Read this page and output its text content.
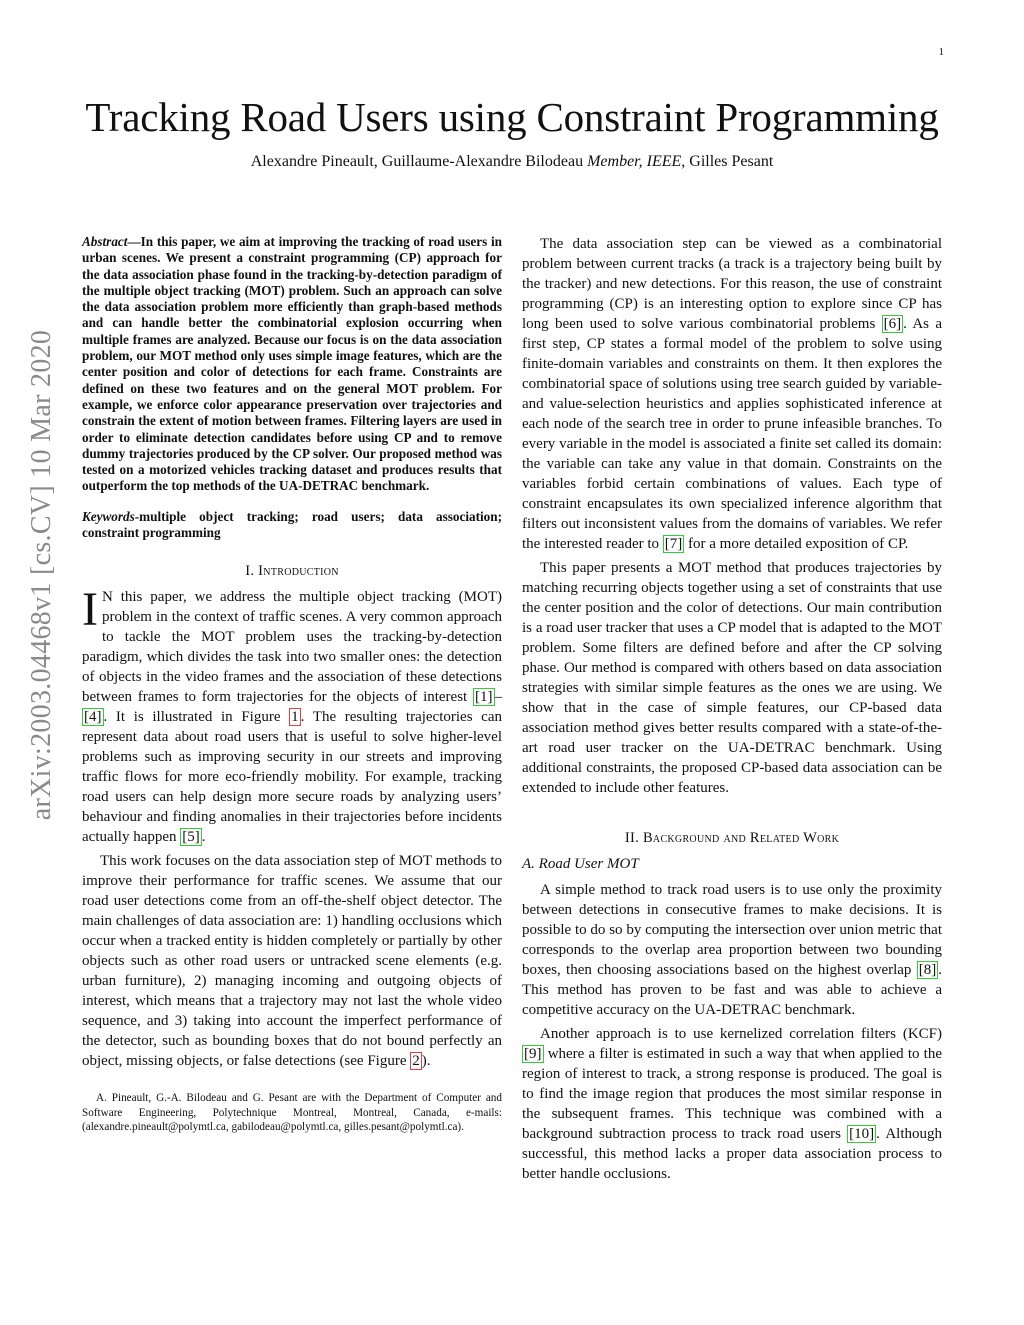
1
Tracking Road Users using Constraint Programming
Alexandre Pineault, Guillaume-Alexandre Bilodeau Member, IEEE, Gilles Pesant
arXiv:2003.04468v1 [cs.CV] 10 Mar 2020

Abstract—In this paper, we aim at improving the tracking of road users in urban scenes. We present a constraint programming (CP) approach for the data association phase found in the tracking-by-detection paradigm of the multiple object tracking (MOT) problem. Such an approach can solve the data association problem more efficiently than graph-based methods and can handle better the combinatorial explosion occurring when multiple frames are analyzed. Because our focus is on the data association problem, our MOT method only uses simple image features, which are the center position and color of detections for each frame. Constraints are defined on these two features and on the general MOT problem. For example, we enforce color appearance preservation over trajectories and constrain the extent of motion between frames. Filtering layers are used in order to eliminate detection candidates before using CP and to remove dummy trajectories produced by the CP solver. Our proposed method was tested on a motorized vehicles tracking dataset and produces results that outperform the top methods of the UA-DETRAC benchmark.

Keywords-multiple object tracking; road users; data association; constraint programming

I. Introduction

I N this paper, we address the multiple object tracking (MOT) problem in the context of traffic scenes. A very common approach to tackle the MOT problem uses the tracking-by-detection paradigm, which divides the task into two smaller ones: the detection of objects in the video frames and the association of these detections between frames to form trajectories for the objects of interest [1] –[4] . It is illustrated in Figure 1 . The resulting trajectories can represent data about road users that is useful to solve higher-level problems such as improving security in our streets and improving traffic flows for more eco-friendly mobility. For example, tracking road users can help design more secure roads by analyzing users’ behaviour and finding anomalies in their trajectories before incidents actually happen [5] .

This work focuses on the data association step of MOT methods to improve their performance for traffic scenes. We assume that our road user detections come from an off-the-shelf object detector. The main challenges of data association are: 1) handling occlusions which occur when a tracked entity is hidden completely or partially by other objects such as other road users or untracked scene elements (e.g. urban furniture), 2) managing incoming and outgoing objects of interest, which means that a trajectory may not last the whole video sequence, and 3) taking into account the imperfect performance of the detector, such as bounding boxes that do not bound perfectly an object, missing objects, or false detections (see Figure 2 ).

A. Pineault, G.-A. Bilodeau and G. Pesant are with the Department of Computer and Software Engineering, Polytechnique Montreal, Montreal, Canada, e-mails: (alexandre.pineault@polymtl.ca, gabilodeau@polymtl.ca, gilles.pesant@polymtl.ca).

The data association step can be viewed as a combinatorial problem between current tracks (a track is a trajectory being built by the tracker) and new detections. For this reason, the use of constraint programming (CP) is an interesting option to explore since CP has long been used to solve various combinatorial problems [6] . As a first step, CP states a formal model of the problem to solve using finite-domain variables and constraints on them. It then explores the combinatorial space of solutions using tree search guided by variable- and value-selection heuristics and applies sophisticated inference at each node of the search tree in order to prune infeasible branches. To every variable in the model is associated a finite set called its domain: the variable can take any value in that domain. Constraints on the variables forbid certain combinations of values. Each type of constraint encapsulates its own specialized inference algorithm that filters out inconsistent values from the domains of variables. We refer the interested reader to [7] for a more detailed exposition of CP.

This paper presents a MOT method that produces trajectories by matching recurring objects together using a set of constraints that use the center position and the color of detections. Our main contribution is a road user tracker that uses a CP model that is adapted to the MOT problem. Some filters are defined before and after the CP solving phase. Our method is compared with others based on data association strategies with similar simple features as the ones we are using. We show that in the case of simple features, our CP-based data association method gives better results compared with a state-of-the-art road user tracker on the UA-DETRAC benchmark. Using additional constraints, the proposed CP-based data association can be extended to include other features.

II. Background and Related Work
A. Road User MOT

A simple method to track road users is to use only the proximity between detections in consecutive frames to make decisions. It is possible to do so by computing the intersection over union metric that corresponds to the overlap area proportion between two bounding boxes, then choosing associations based on the highest overlap [8] . This method has proven to be fast and was able to achieve a competitive accuracy on the UA-DETRAC benchmark.

Another approach is to use kernelized correlation filters (KCF) [9] where a filter is estimated in such a way that when applied to the region of interest to track, a strong response is produced. The goal is to find the image region that produces the most similar response in the subsequent frames. This technique was combined with a background subtraction process to track road users [10] . Although successful, this method lacks a proper data association process to better handle occlusions.
